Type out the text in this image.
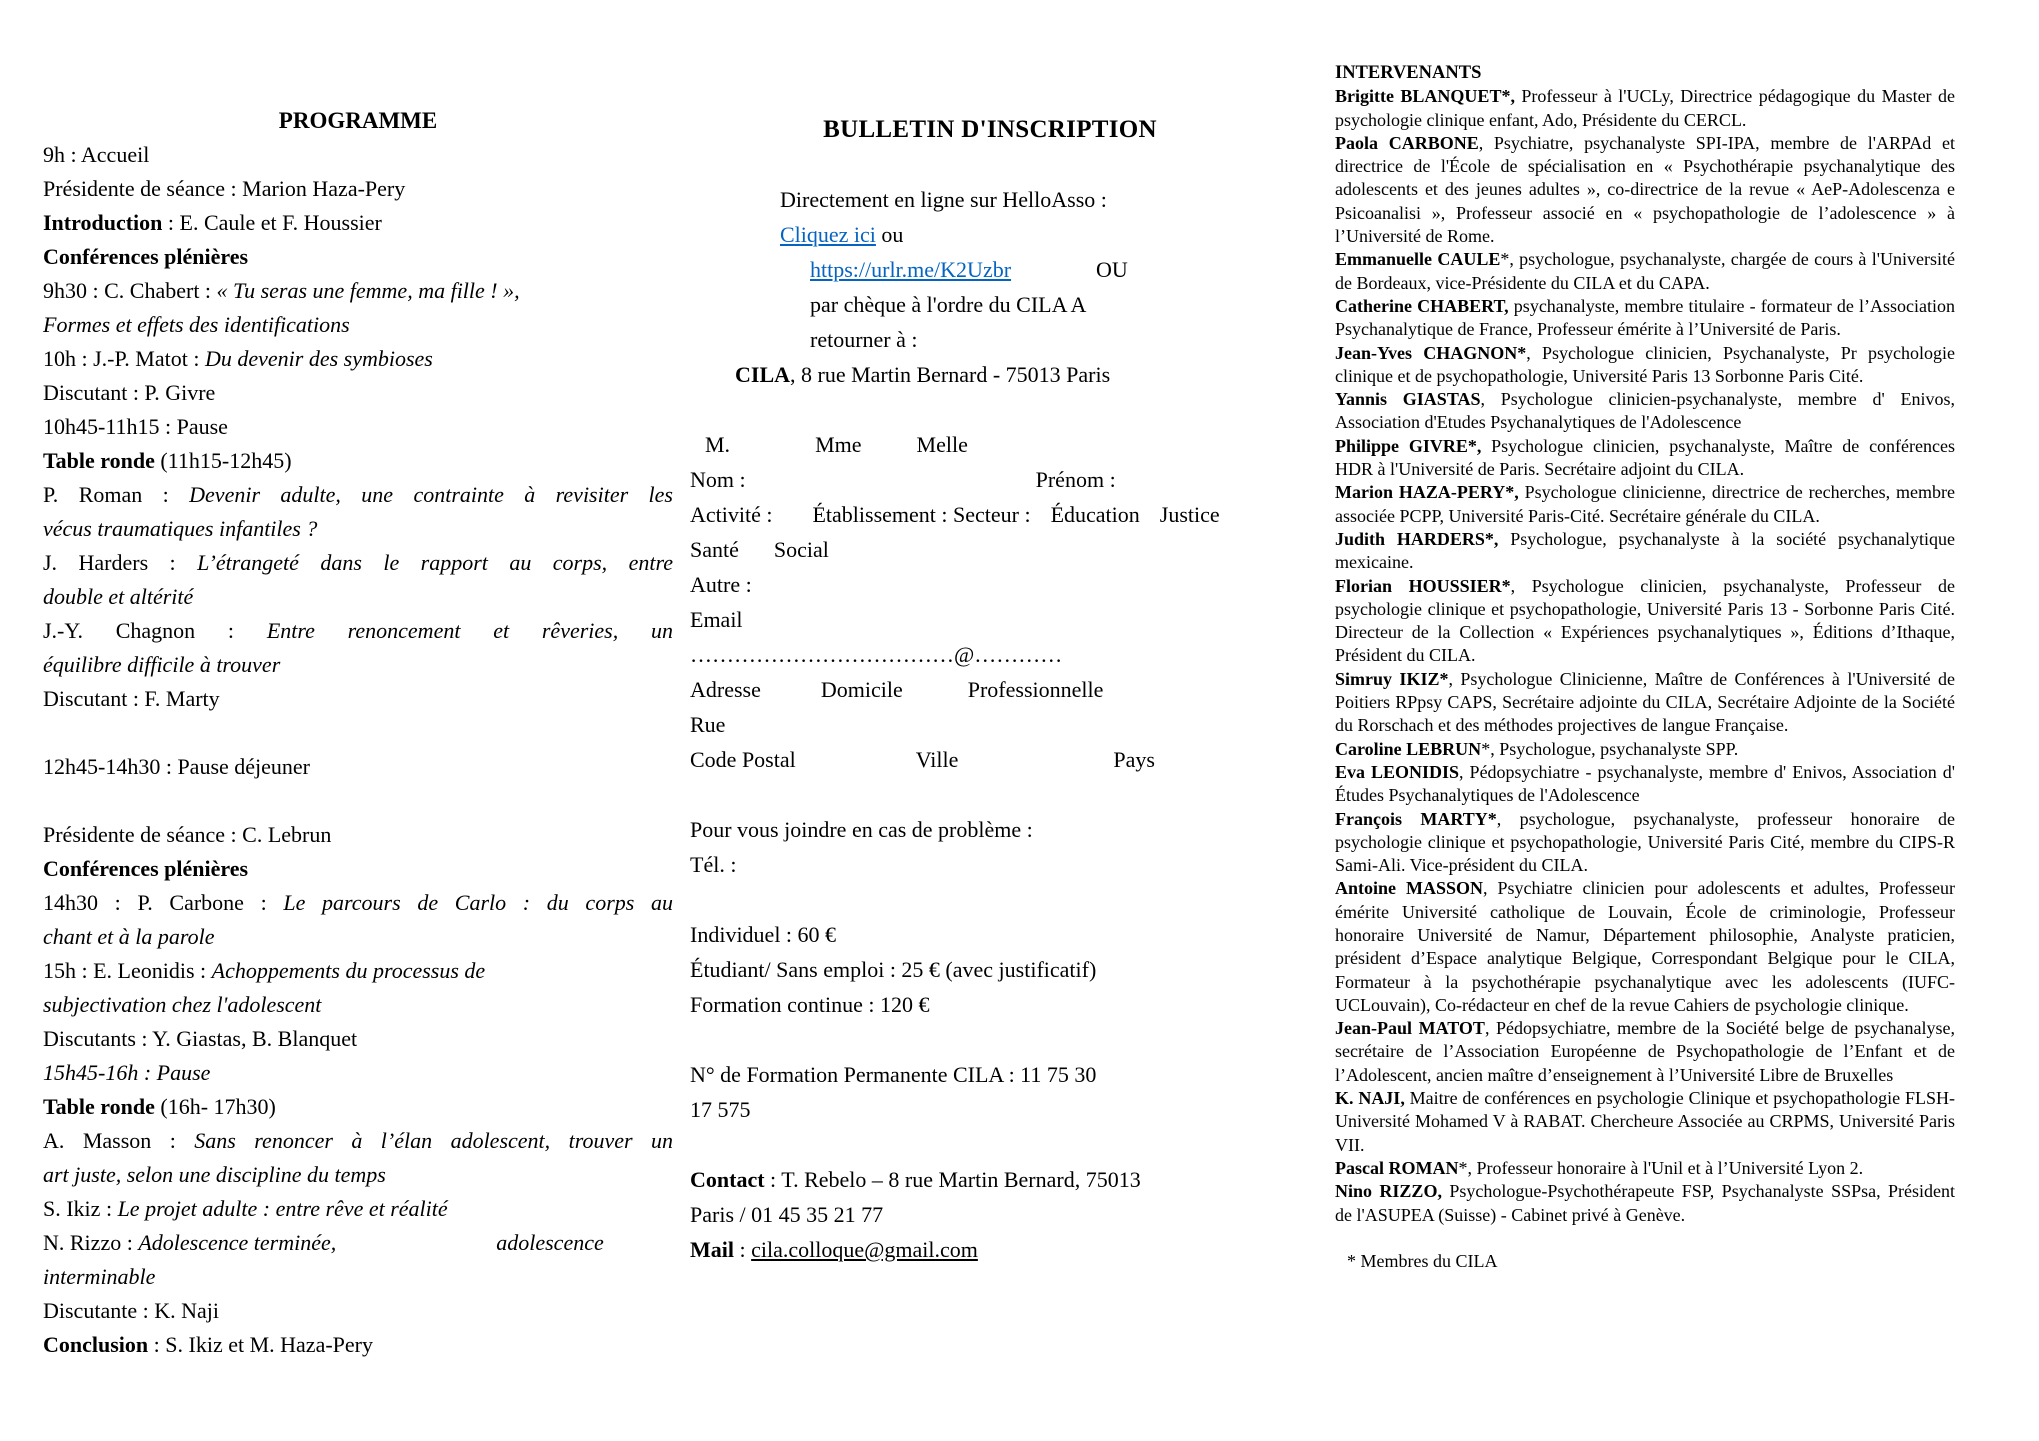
PROGRAMME

9h : Accueil

Présidente de séance : Marion Haza-Pery

Introduction : E. Caule et F. Houssier

Conférences plénières

9h30 : C. Chabert : « Tu seras une femme, ma fille ! »,

Formes et effets des identifications

10h : J.-P. Matot : Du devenir des symbioses

Discutant : P. Givre

10h45-11h15 : Pause

Table ronde (11h15-12h45)

P. Roman : Devenir adulte, une contrainte à revisiter les

vécus traumatiques infantiles ?

J. Harders : L’étrangeté dans le rapport au corps, entre

double et altérité

J.-Y. Chagnon : Entre renoncement et rêveries, un

équilibre difficile à trouver

Discutant : F. Marty

12h45-14h30 : Pause déjeuner

Présidente de séance : C. Lebrun

Conférences plénières

14h30 : P. Carbone : Le parcours de Carlo : du corps au

chant et à la parole

15h : E. Leonidis : Achoppements du processus de

subjectivation chez l'adolescent

Discutants : Y. Giastas, B. Blanquet

15h45-16h : Pause

Table ronde (16h- 17h30)

A. Masson : Sans renoncer à l’élan adolescent, trouver un

art juste, selon une discipline du temps

S. Ikiz : Le projet adulte : entre rêve et réalité

N. Rizzo : Adolescence terminée,	adolescence

interminable

Discutante : K. Naji

Conclusion : S. Ikiz et M. Haza-Pery

BULLETIN D'INSCRIPTION

Directement en ligne sur HelloAsso :

Cliquez ici ou

https://urlr.me/K2Uzbr	OU

par chèque à l'ordre du CILA A

retourner à :

CILA, 8 rue Martin Bernard - 75013 Paris

M.	Mme	Melle

Nom :	Prénom :

Activité : Établissement : Secteur : Éducation Justice

Santé Social

Autre :

Email

………………………………@…………

Adresse	Domicile	Professionnelle

Rue

Code Postal	Ville	Pays

Pour vous joindre en cas de problème :

Tél. :

Individuel : 60 €

Étudiant/ Sans emploi : 25 € (avec justificatif)

Formation continue : 120 €

N° de Formation Permanente CILA : 11 75 30

17 575

Contact : T. Rebelo – 8 rue Martin Bernard, 75013

Paris / 01 45 35 21 77

Mail : cila.colloque@gmail.com

INTERVENANTS

Brigitte BLANQUET*, Professeur à l'UCLy, Directrice pédagogique du Master de psychologie clinique enfant, Ado, Présidente du CERCL.

Paola CARBONE, Psychiatre, psychanalyste SPI-IPA, membre de l'ARPAd et directrice de l'École de spécialisation en « Psychothérapie psychanalytique des adolescents et des jeunes adultes », co-directrice de la revue « AeP-Adolescenza e Psicoanalisi », Professeur associé en « psychopathologie de l’adolescence » à l’Université de Rome.

Emmanuelle CAULE*, psychologue, psychanalyste, chargée de cours à l'Université de Bordeaux, vice-Présidente du CILA et du CAPA.

Catherine CHABERT, psychanalyste, membre titulaire - formateur de l’Association Psychanalytique de France, Professeur émérite à l’Université de Paris.

Jean-Yves CHAGNON*, Psychologue clinicien, Psychanalyste, Pr psychologie clinique et de psychopathologie, Université Paris 13 Sorbonne Paris Cité.

Yannis GIASTAS, Psychologue clinicien-psychanalyste, membre d' Enivos, Association d'Etudes Psychanalytiques de l'Adolescence

Philippe GIVRE*, Psychologue clinicien, psychanalyste, Maître de conférences HDR à l'Université de Paris. Secrétaire adjoint du CILA.

Marion HAZA-PERY*, Psychologue clinicienne, directrice de recherches, membre associée PCPP, Université Paris-Cité. Secrétaire générale du CILA.

Judith HARDERS*, Psychologue, psychanalyste à la société psychanalytique mexicaine.

Florian HOUSSIER*, Psychologue clinicien, psychanalyste, Professeur de psychologie clinique et psychopathologie, Université Paris 13 - Sorbonne Paris Cité. Directeur de la Collection « Expériences psychanalytiques », Éditions d’Ithaque, Président du CILA.

Simruy IKIZ*, Psychologue Clinicienne, Maître de Conférences à l'Université de Poitiers RPpsy CAPS, Secrétaire adjointe du CILA, Secrétaire Adjointe de la Société du Rorschach et des méthodes projectives de langue Française.

Caroline LEBRUN*, Psychologue, psychanalyste SPP.

Eva LEONIDIS, Pédopsychiatre - psychanalyste, membre d' Enivos, Association d' Études Psychanalytiques de l'Adolescence

François MARTY*, psychologue, psychanalyste, professeur honoraire de psychologie clinique et psychopathologie, Université Paris Cité, membre du CIPS-R Sami-Ali. Vice-président du CILA.

Antoine MASSON, Psychiatre clinicien pour adolescents et adultes, Professeur émérite Université catholique de Louvain, École de criminologie, Professeur honoraire Université de Namur, Département philosophie, Analyste praticien, président d’Espace analytique Belgique, Correspondant Belgique pour le CILA, Formateur à la psychothérapie psychanalytique avec les adolescents (IUFC-UCLouvain), Co-rédacteur en chef de la revue Cahiers de psychologie clinique.

Jean-Paul MATOT, Pédopsychiatre, membre de la Société belge de psychanalyse, secrétaire de l’Association Européenne de Psychopathologie de l’Enfant et de l’Adolescent, ancien maître d’enseignement à l’Université Libre de Bruxelles

K. NAJI, Maitre de conférences en psychologie Clinique et psychopathologie FLSH-Université Mohamed V à RABAT. Chercheure Associée au CRPMS, Université Paris VII.

Pascal ROMAN*, Professeur honoraire à l'Unil et à l’Université Lyon 2.

Nino RIZZO, Psychologue-Psychothérapeute FSP, Psychanalyste SSPsa, Président de l'ASUPEA (Suisse) - Cabinet privé à Genève.

* Membres du CILA
